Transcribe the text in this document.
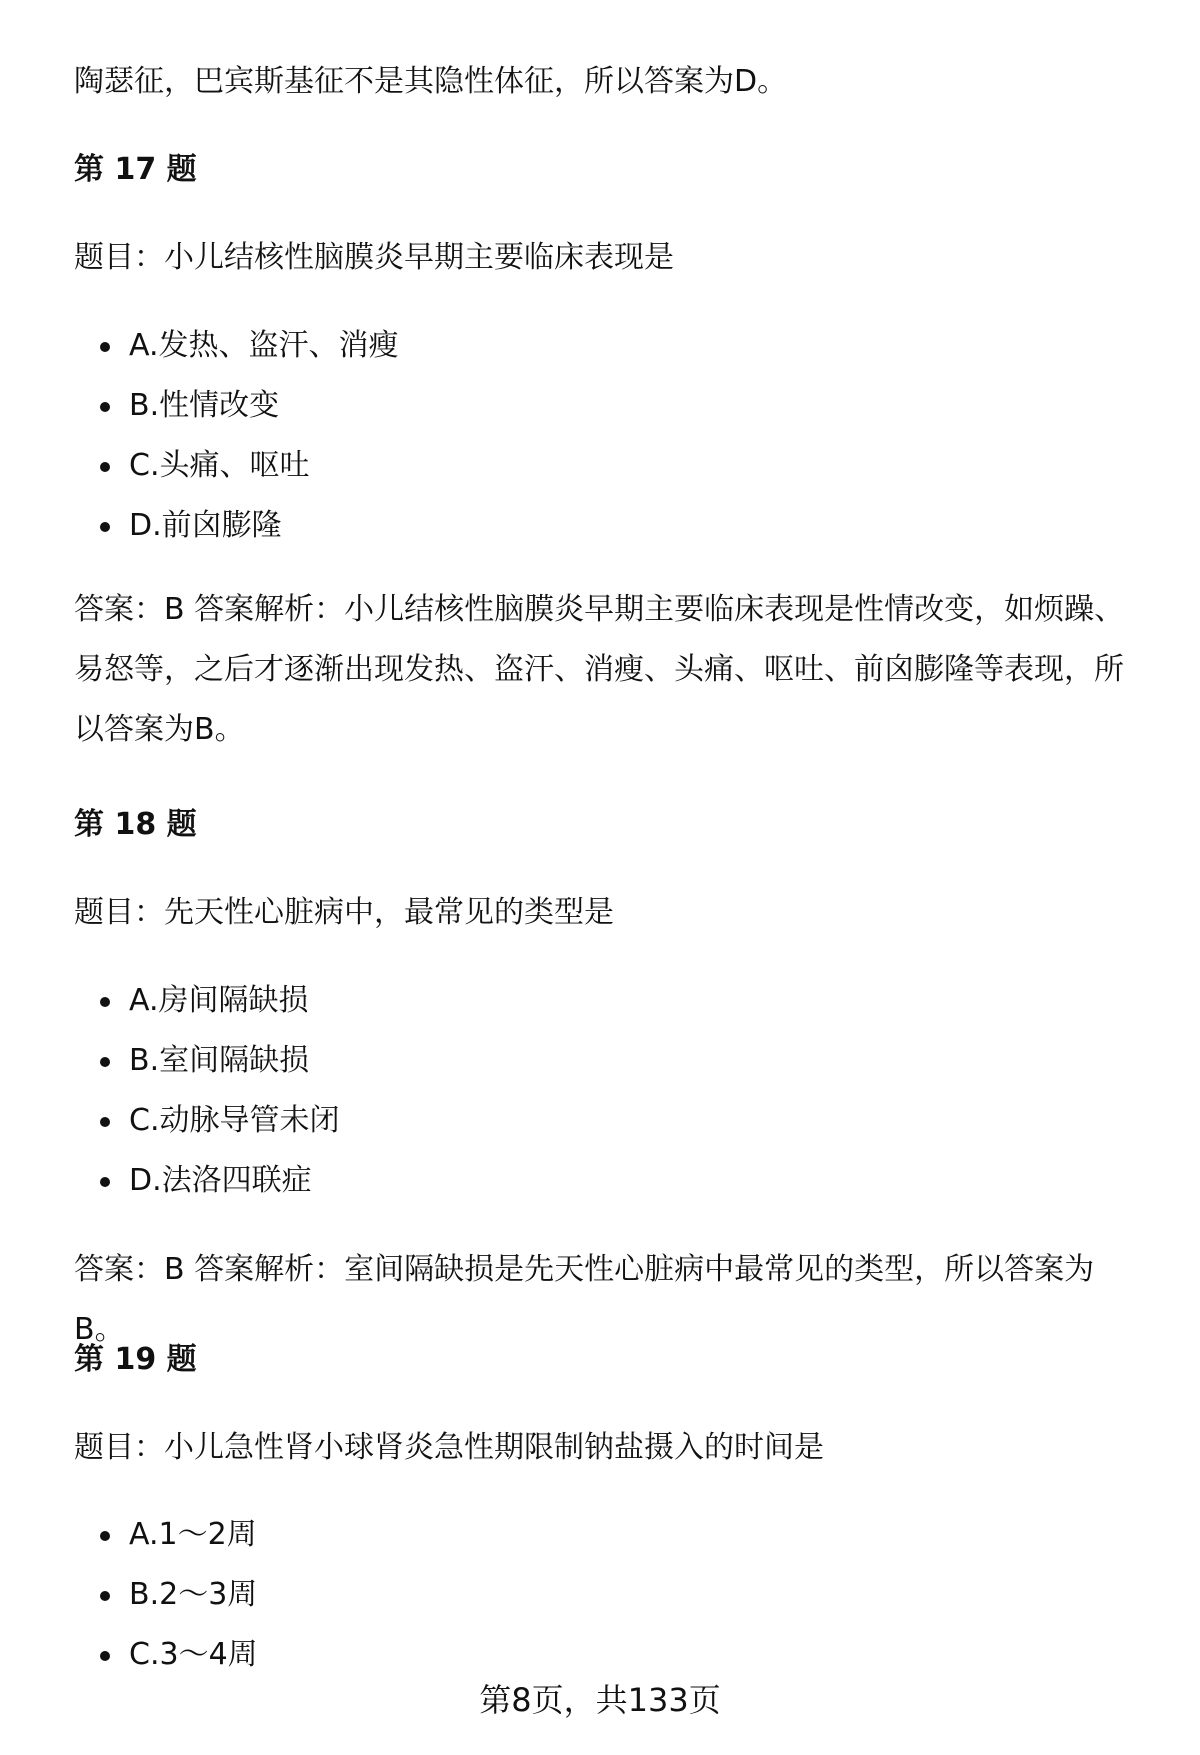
陶瑟征，巴宾斯基征不是其隐性体征，所以答案为D。
第 17 题
题目：小儿结核性脑膜炎早期主要临床表现是
A.发热、盗汗、消瘦
B.性情改变
C.头痛、呕吐
D.前囟膨隆
答案：B 答案解析：小儿结核性脑膜炎早期主要临床表现是性情改变，如烦躁、易怒等，之后才逐渐出现发热、盗汗、消瘦、头痛、呕吐、前囟膨隆等表现，所以答案为B。
第 18 题
题目：先天性心脏病中，最常见的类型是
A.房间隔缺损
B.室间隔缺损
C.动脉导管未闭
D.法洛四联症
答案：B 答案解析：室间隔缺损是先天性心脏病中最常见的类型，所以答案为B。
第 19 题
题目：小儿急性肾小球肾炎急性期限制钠盐摄入的时间是
A.1～2周
B.2～3周
C.3～4周
第8页，共133页
